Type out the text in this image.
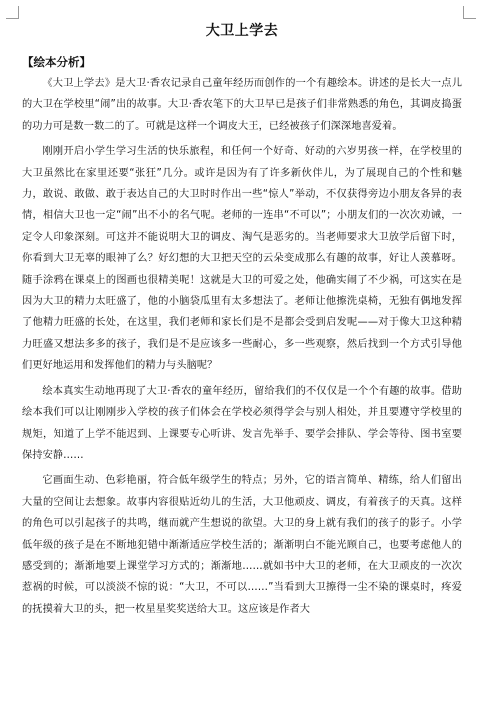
大卫上学去
【绘本分析】

《大卫上学去》是大卫·香农记录自己童年经历而创作的一个有趣绘本。讲述的是长大一点儿的大卫在学校里“闹”出的故事。大卫·香农笔下的大卫早已是孩子们非常熟悉的角色，其调皮捣蛋的功力可是数一数二的了。可就是这样一个调皮大王，已经被孩子们深深地喜爱着。

刚刚开启小学生学习生活的快乐旅程，和任何一个好奇、好动的六岁男孩一样，在学校里的大卫虽然比在家里还要“张狂”几分。或许是因为有了许多新伙伴儿，为了展现自己的个性和魅力，敢说、敢做、敢于表达自己的大卫时时作出一些“惊人”举动，不仅获得旁边小朋友各异的表情，相信大卫也一定“闹”出不小的名气呢。老师的一连串“不可以”；小朋友们的一次次劝诫，一定令人印象深刻。可这并不能说明大卫的调皮、淘气是恶劣的。当老师要求大卫放学后留下时，你看到大卫无辜的眼神了么？好幻想的大卫把天空的云朵变成那么有趣的故事，好让人羡慕呀。随手涂鸦在课桌上的图画也很精美呢！这就是大卫的可爱之处，他确实闹了不少祸，可这实在是因为大卫的精力太旺盛了，他的小脑袋瓜里有太多想法了。老师让他擦洗桌椅，无独有偶地发挥了他精力旺盛的长处，在这里，我们老师和家长们是不是都会受到启发呢——对于像大卫这种精力旺盛又想法多多的孩子，我们是不是应该多一些耐心，多一些观察，然后找到一个方式引导他们更好地运用和发挥他们的精力与头脑呢？

绘本真实生动地再现了大卫·香农的童年经历，留给我们的不仅仅是一个个有趣的故事。借助绘本我们可以让刚刚步入学校的孩子们体会在学校必须得学会与别人相处，并且要遵守学校里的规矩，知道了上学不能迟到、上课要专心听讲、发言先举手、要学会排队、学会等待、图书室要保持安静……

它画面生动、色彩艳丽，符合低年级学生的特点；另外，它的语言简单、精练，给人们留出大量的空间让去想象。故事内容很贴近幼儿的生活，大卫他顽皮、调皮，有着孩子的天真。这样的角色可以引起孩子的共鸣，继而就产生想说的欲望。大卫的身上就有我们的孩子的影子。小学低年级的孩子是在不断地犯错中渐渐适应学校生活的；渐渐明白不能光顾自己，也要考虑他人的感受到的；渐渐地要上课堂学习方式的；渐渐地……就如书中大卫的老师，在大卫顽皮的一次次惹祸的时候，可以淡淡不惊的说：“大卫，不可以……”当看到大卫擦得一尘不染的课桌时，疼爱的抚摸着大卫的头，把一枚星星奖奖送给大卫。这应该是作者大
